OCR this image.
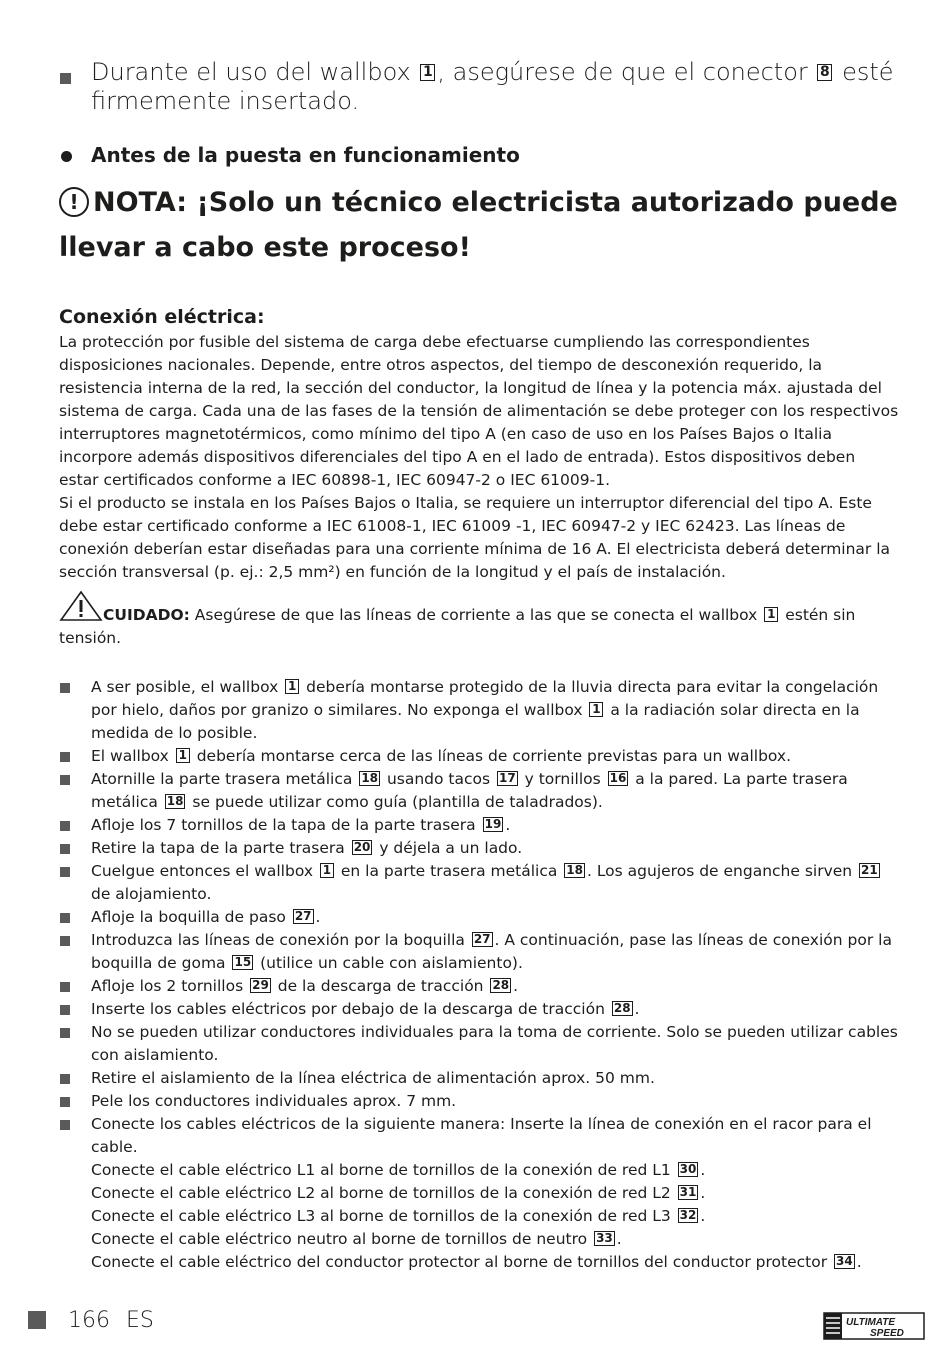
Durante el uso del wallbox 1 , asegúrese de que el conector 8 esté firmemente insertado.
Antes de la puesta en funcionamiento
! NOTA: ¡Solo un técnico electricista autorizado puede llevar a cabo este proceso!
Conexión eléctrica:
La protección por fusible del sistema de carga debe efectuarse cumpliendo las correspondientes disposiciones nacionales. Depende, entre otros aspectos, del tiempo de desconexión requerido, la resistencia interna de la red, la sección del conductor, la longitud de línea y la potencia máx. ajustada del sistema de carga. Cada una de las fases de la tensión de alimentación se debe proteger con los respectivos interruptores magnetotérmicos, como mínimo del tipo A (en caso de uso en los Países Bajos o Italia incorpore además dispositivos diferenciales del tipo A en el lado de entrada). Estos dispositivos deben estar certificados conforme a IEC 60898-1, IEC 60947-2 o IEC 61009-1.
Si el producto se instala en los Países Bajos o Italia, se requiere un interruptor diferencial del tipo A. Este debe estar certificado conforme a IEC 61008-1, IEC 61009 -1, IEC 60947-2 y IEC 62423. Las líneas de conexión deberían estar diseñadas para una corriente mínima de 16 A. El electricista deberá determinar la sección transversal (p. ej.: 2,5 mm²) en función de la longitud y el país de instalación.
CUIDADO: Asegúrese de que las líneas de corriente a las que se conecta el wallbox 1 estén sin tensión.
A ser posible, el wallbox 1 debería montarse protegido de la lluvia directa para evitar la congelación por hielo, daños por granizo o similares. No exponga el wallbox 1 a la radiación solar directa en la medida de lo posible.
El wallbox 1 debería montarse cerca de las líneas de corriente previstas para un wallbox.
Atornille la parte trasera metálica 18 usando tacos 17 y tornillos 16 a la pared. La parte trasera metálica 18 se puede utilizar como guía (plantilla de taladrados).
Afloje los 7 tornillos de la tapa de la parte trasera 19 .
Retire la tapa de la parte trasera 20 y déjela a un lado.
Cuelgue entonces el wallbox 1 en la parte trasera metálica 18 . Los agujeros de enganche sirven 21 de alojamiento.
Afloje la boquilla de paso 27 .
Introduzca las líneas de conexión por la boquilla 27 . A continuación, pase las líneas de conexión por la boquilla de goma 15 (utilice un cable con aislamiento).
Afloje los 2 tornillos 29 de la descarga de tracción 28 .
Inserte los cables eléctricos por debajo de la descarga de tracción 28 .
No se pueden utilizar conductores individuales para la toma de corriente. Solo se pueden utilizar cables con aislamiento.
Retire el aislamiento de la línea eléctrica de alimentación aprox. 50 mm.
Pele los conductores individuales aprox. 7 mm.
Conecte los cables eléctricos de la siguiente manera: Inserte la línea de conexión en el racor para el cable.
Conecte el cable eléctrico L1 al borne de tornillos de la conexión de red L1 30 .
Conecte el cable eléctrico L2 al borne de tornillos de la conexión de red L2 31 .
Conecte el cable eléctrico L3 al borne de tornillos de la conexión de red L3 32 .
Conecte el cable eléctrico neutro al borne de tornillos de neutro 33 .
Conecte el cable eléctrico del conductor protector al borne de tornillos del conductor protector 34 .
166 ES	ULTIMATE
SPEED
